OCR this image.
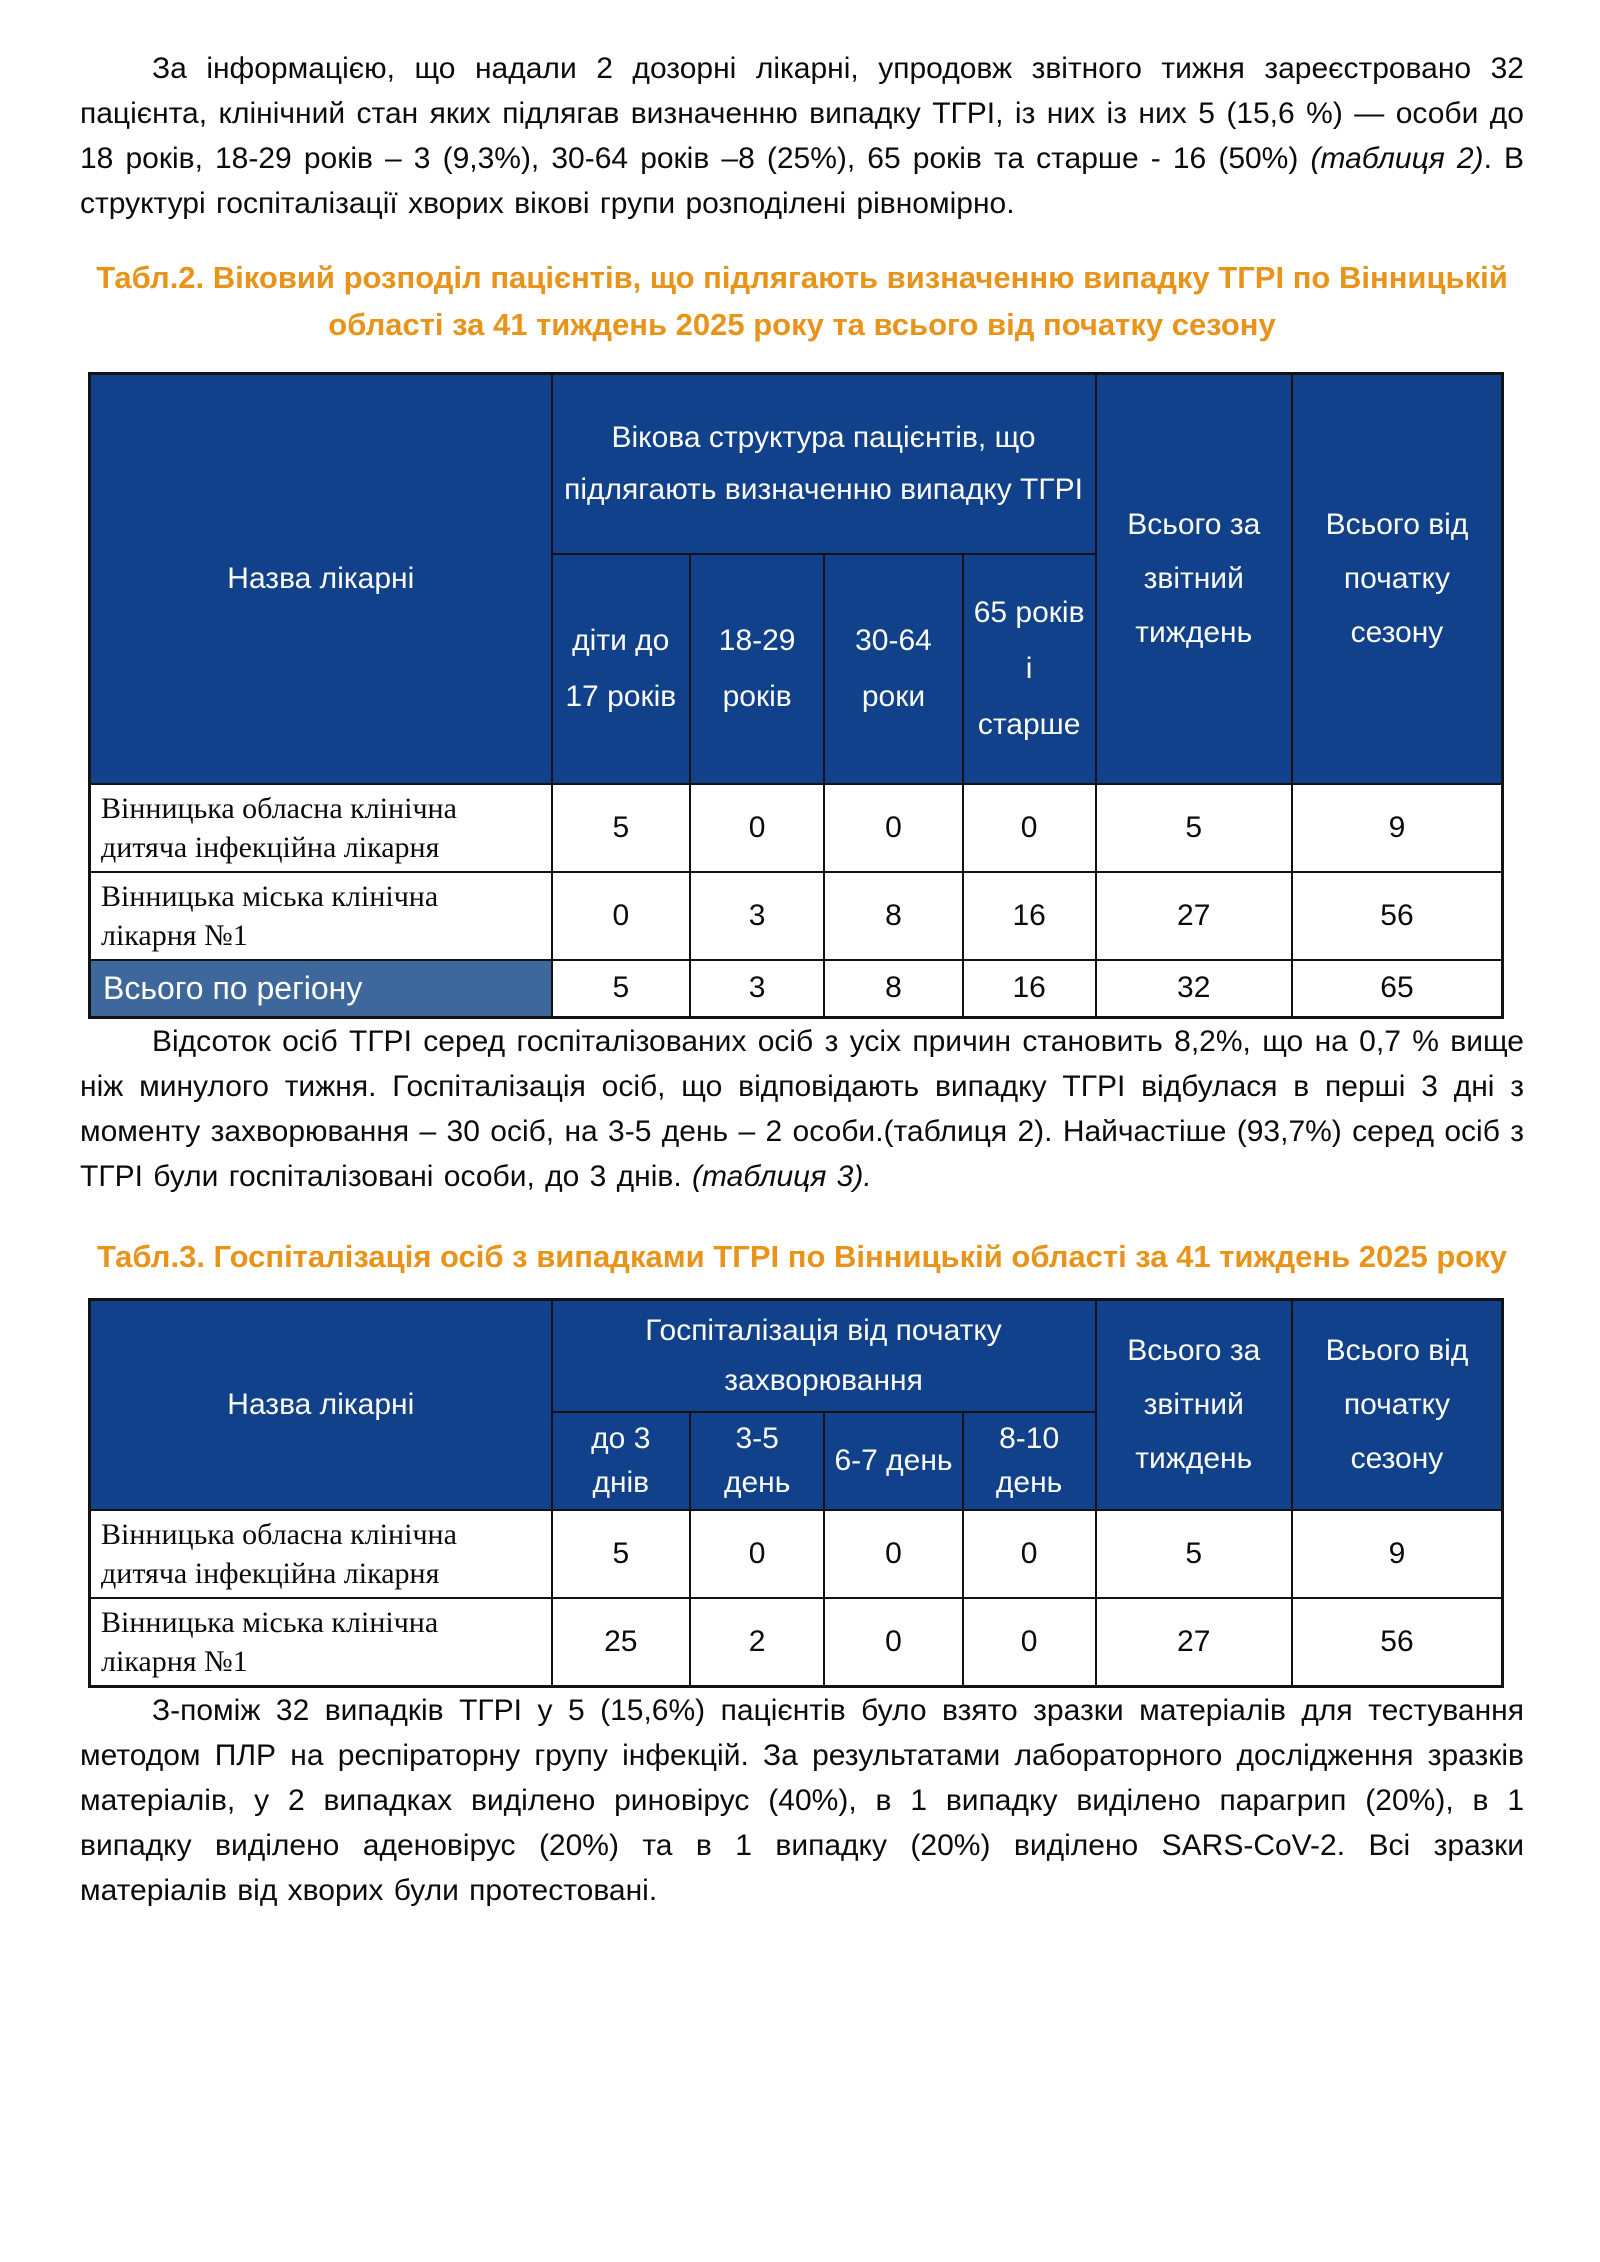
За інформацією, що надали 2 дозорні лікарні, упродовж звітного тижня зареєстровано 32 пацієнта, клінічний стан яких підлягав визначенню випадку ТГРІ, із них із них 5 (15,6 %) — особи до 18 років, 18-29 років – 3 (9,3%), 30-64 років –8 (25%), 65 років та старше - 16 (50%) (таблиця 2). В структурі госпіталізації хворих вікові групи розподілені рівномірно.

Табл.2. Віковий розподіл пацієнтів, що підлягають визначенню випадку ТГРІ по Вінницькій області за 41 тиждень 2025 року та всього від початку сезону
Назва лікарні	Вікова структура пацієнтів, що підлягають визначенню випадку ТГРІ				Всього за звітний тиждень	Всього від початку сезону
	діти до 17 років	18-29 років	30-64 роки	65 років і старше		
Вінницька обласна клінічна дитяча інфекційна лікарня	5	0	0	0	5	9
Вінницька міська клінічна лікарня №1	0	3	8	16	27	56
Всього по регіону	5	3	8	16	32	65

Відсоток осіб ТГРІ серед госпіталізованих осіб з усіх причин становить 8,2%, що на 0,7 % вище ніж минулого тижня. Госпіталізація осіб, що відповідають випадку ТГРІ відбулася в перші 3 дні з моменту захворювання – 30 осіб, на 3-5 день – 2 особи.(таблиця 2). Найчастіше (93,7%) серед осіб з ТГРІ були госпіталізовані особи, до 3 днів. (таблиця 3).

Табл.3. Госпіталізація осіб з випадками ТГРІ по Вінницькій області за 41 тиждень 2025 року
Назва лікарні	Госпіталізація від початку захворювання				Всього за звітний тиждень	Всього від початку сезону
	до 3 днів	3-5 день	6-7 день	8-10 день		
Вінницька обласна клінічна дитяча інфекційна лікарня	5	0	0	0	5	9
Вінницька міська клінічна лікарня №1	25	2	0	0	27	56

З-поміж 32 випадків ТГРІ у 5 (15,6%) пацієнтів було взято зразки матеріалів для тестування методом ПЛР на респіраторну групу інфекцій. За результатами лабораторного дослідження зразків матеріалів, у 2 випадках виділено риновірус (40%), в 1 випадку виділено парагрип (20%), в 1 випадку виділено аденовірус (20%) та в 1 випадку (20%) виділено SARS-CoV-2. Всі зразки матеріалів від хворих були протестовані.
